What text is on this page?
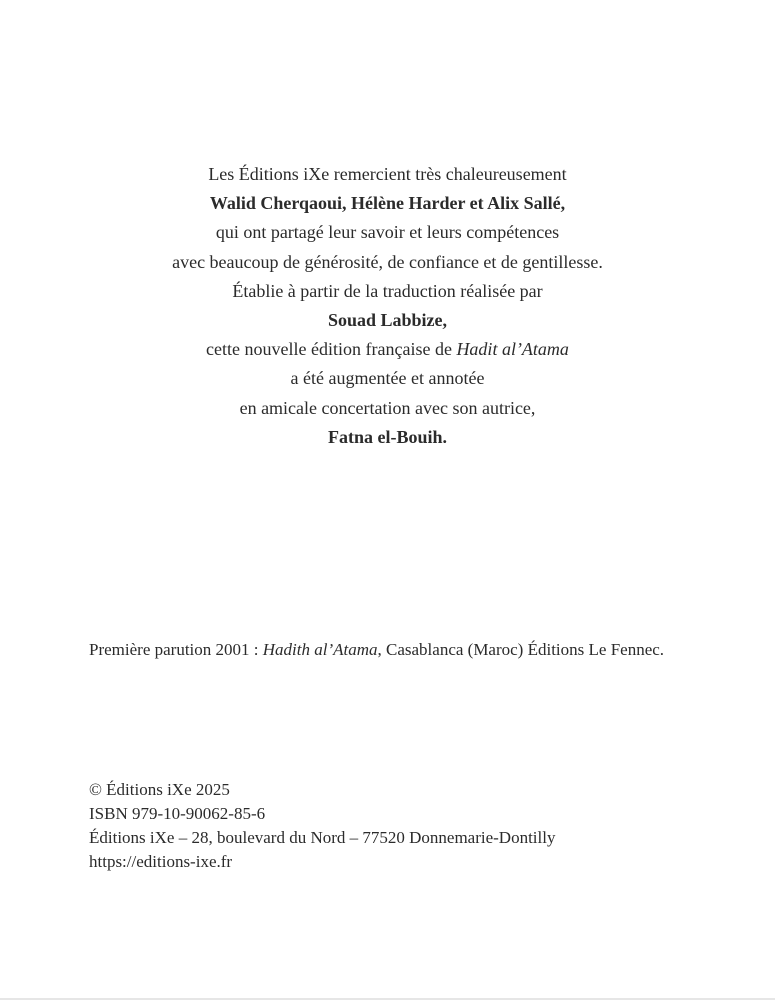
Les Éditions iXe remercient très chaleureusement
Walid Cherqaoui, Hélène Harder et Alix Sallé,
qui ont partagé leur savoir et leurs compétences
avec beaucoup de générosité, de confiance et de gentillesse.
Établie à partir de la traduction réalisée par
Souad Labbize,
cette nouvelle édition française de Hadit al’Atama
a été augmentée et annotée
en amicale concertation avec son autrice,
Fatna el-Bouih.
Première parution 2001 : Hadith al’Atama, Casablanca (Maroc) Éditions Le Fennec.
© Éditions iXe 2025
ISBN 979-10-90062-85-6
Éditions iXe – 28, boulevard du Nord – 77520 Donnemarie-Dontilly
https://editions-ixe.fr
